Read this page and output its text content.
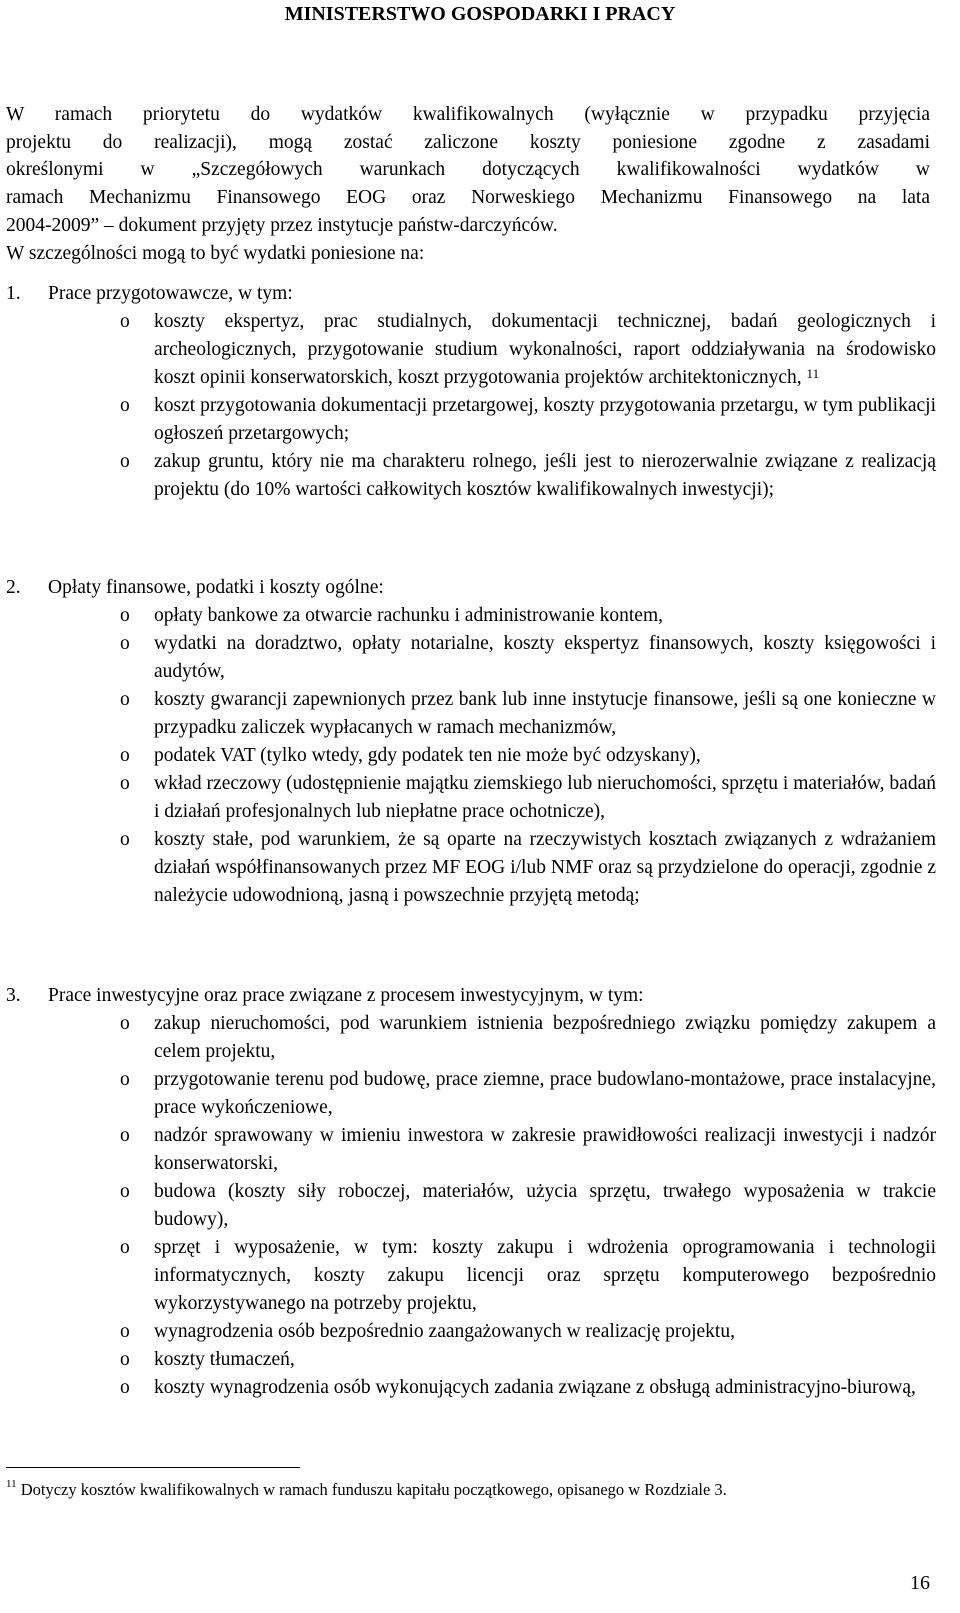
MINISTERSTWO GOSPODARKI I PRACY
W ramach priorytetu do wydatków kwalifikowalnych (wyłącznie w przypadku przyjęcia
projektu do realizacji), mogą zostać zaliczone koszty poniesione zgodne z zasadami
określonymi w „Szczegółowych warunkach dotyczących kwalifikowalności wydatków w
ramach Mechanizmu Finansowego EOG oraz Norweskiego Mechanizmu Finansowego na lata
2004-2009” – dokument przyjęty przez instytucje państw-darczyńców.
W szczególności mogą to być wydatki poniesione na:
1. Prace przygotowawcze, w tym:
o koszty ekspertyz, prac studialnych, dokumentacji technicznej, badań geologicznych i archeologicznych, przygotowanie studium wykonalności, raport oddziaływania na środowisko koszt opinii konserwatorskich, koszt przygotowania projektów architektonicznych, $^{11}$
o koszt przygotowania dokumentacji przetargowej, koszty przygotowania przetargu, w tym publikacji ogłoszeń przetargowych;
o zakup gruntu, który nie ma charakteru rolnego, jeśli jest to nierozerwalnie związane z realizacją projektu (do 10% wartości całkowitych kosztów kwalifikowalnych inwestycji);
2. Opłaty finansowe, podatki i koszty ogólne:
o opłaty bankowe za otwarcie rachunku i administrowanie kontem,
o wydatki na doradztwo, opłaty notarialne, koszty ekspertyz finansowych, koszty księgowości i audytów,
o koszty gwarancji zapewnionych przez bank lub inne instytucje finansowe, jeśli są one konieczne w przypadku zaliczek wypłacanych w ramach mechanizmów,
o podatek VAT (tylko wtedy, gdy podatek ten nie może być odzyskany),
o wkład rzeczowy (udostępnienie majątku ziemskiego lub nieruchomości, sprzętu i materiałów, badań i działań profesjonalnych lub niepłatne prace ochotnicze),
o koszty stałe, pod warunkiem, że są oparte na rzeczywistych kosztach związanych z wdrażaniem działań współfinansowanych przez MF EOG i/lub NMF oraz są przydzielone do operacji, zgodnie z należycie udowodnioną, jasną i powszechnie przyjętą metodą;
3. Prace inwestycyjne oraz prace związane z procesem inwestycyjnym, w tym:
o zakup nieruchomości, pod warunkiem istnienia bezpośredniego związku pomiędzy zakupem a celem projektu,
o przygotowanie terenu pod budowę, prace ziemne, prace budowlano-montażowe, prace instalacyjne, prace wykończeniowe,
o nadzór sprawowany w imieniu inwestora w zakresie prawidłowości realizacji inwestycji i nadzór konserwatorski,
o budowa (koszty siły roboczej, materiałów, użycia sprzętu, trwałego wyposażenia w trakcie budowy),
o sprzęt i wyposażenie, w tym: koszty zakupu i wdrożenia oprogramowania i technologii informatycznych, koszty zakupu licencji oraz sprzętu komputerowego bezpośrednio wykorzystywanego na potrzeby projektu,
o wynagrodzenia osób bezpośrednio zaangażowanych w realizację projektu,
o koszty tłumaczeń,
o koszty wynagrodzenia osób wykonujących zadania związane z obsługą administracyjno-biurową,
$^{11}$ Dotyczy kosztów kwalifikowalnych w ramach funduszu kapitału początkowego, opisanego w Rozdziale 3.
16
